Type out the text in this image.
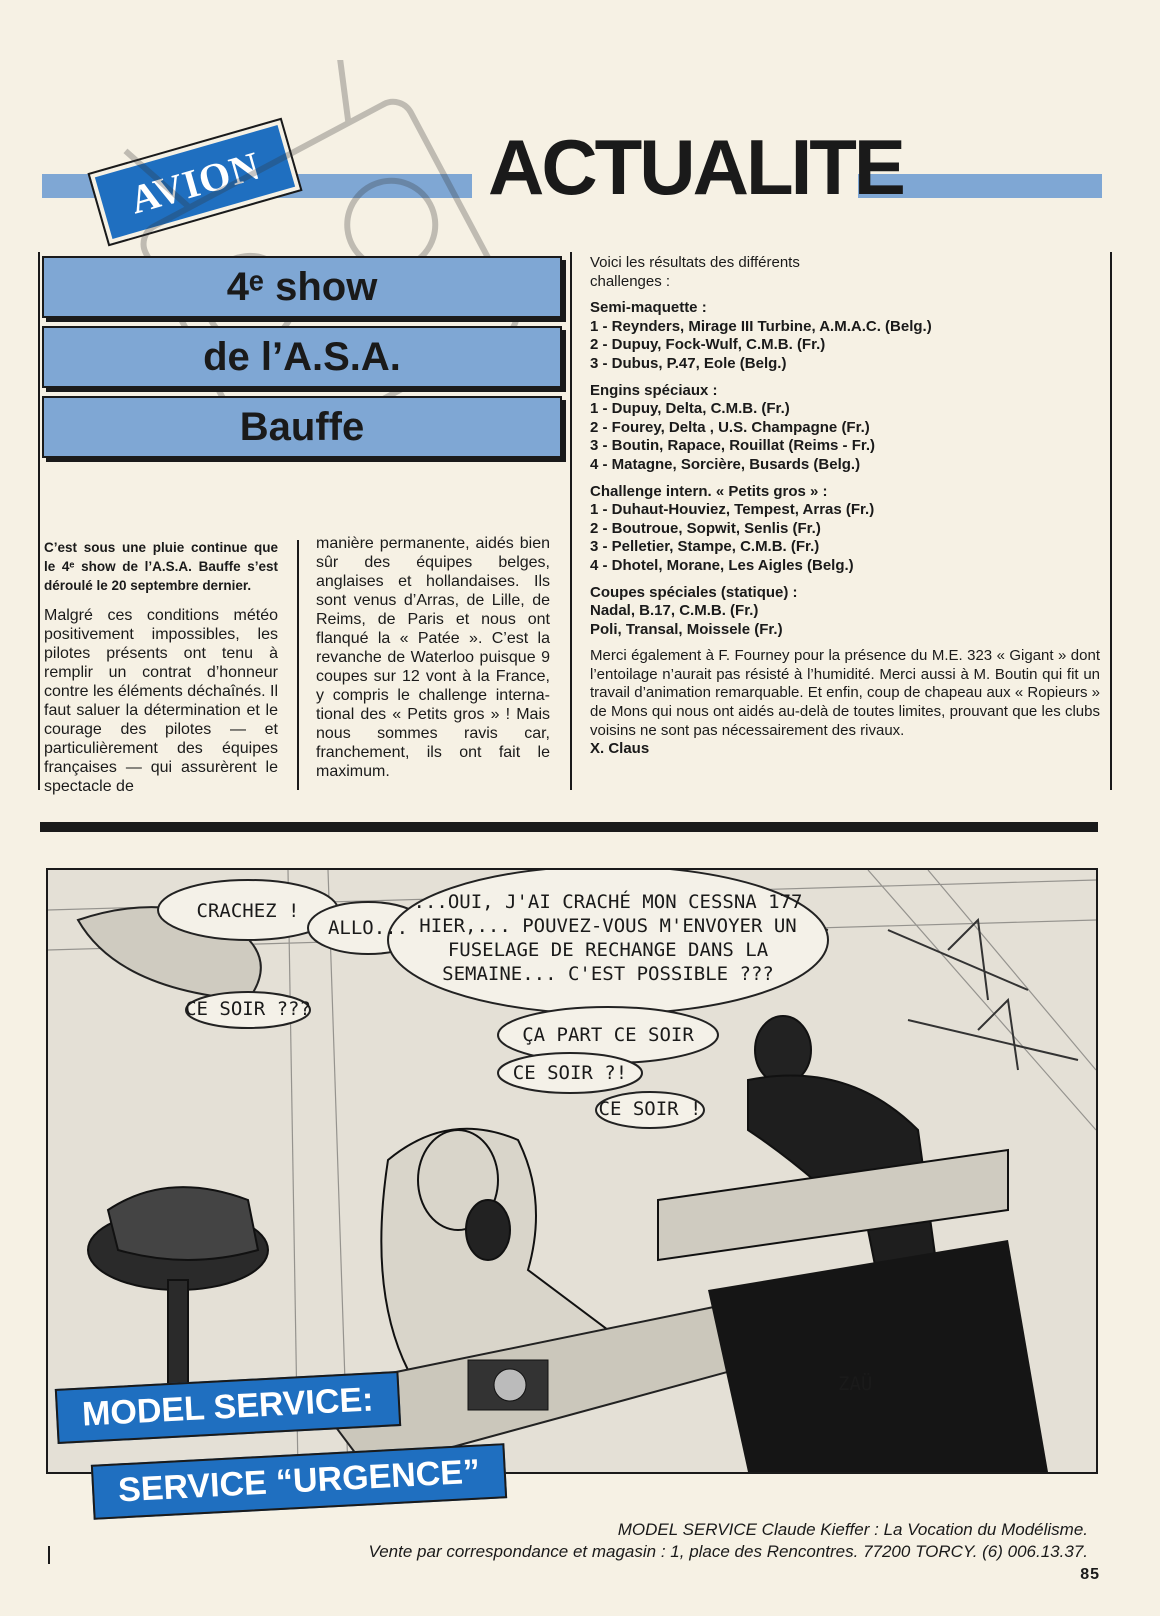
AVION	ACTUALITE
4ᵉ show
de l’A.S.A.
Bauffe
C’est sous une pluie continue que le 4ᵉ show de l’A.S.A. Bauffe s’est déroulé le 20 septembre dernier.
Malgré ces conditions météo positivement impossibles, les pilotes présents ont tenu à remplir un contrat d’honneur contre les éléments déchaînés. Il faut saluer la détermination et le courage des pilotes — et particulièrement des équipes françaises — qui assurèrent le spectacle de
manière permanente, aidés bien sûr des équipes belges, anglaises et hollandaises. Ils sont venus d’Arras, de Lille, de Reims, de Paris et nous ont flanqué la « Patée ». C’est la revanche de Waterloo puisque 9 coupes sur 12 vont à la France, y compris le challenge international des « Petits gros » ! Mais nous sommes ravis car, franchement, ils ont fait le maximum.
Voici les résultats des différents challenges :
Semi-maquette :
1 - Reynders, Mirage III Turbine, A.M.A.C. (Belg.)
2 - Dupuy, Fock-Wulf, C.M.B. (Fr.)
3 - Dubus, P.47, Eole (Belg.)
Engins spéciaux :
1 - Dupuy, Delta, C.M.B. (Fr.)
2 - Fourey, Delta , U.S. Champagne (Fr.)
3 - Boutin, Rapace, Rouillat (Reims - Fr.)
4 - Matagne, Sorcière, Busards (Belg.)
Challenge intern. « Petits gros » :
1 - Duhaut-Houviez, Tempest, Arras (Fr.)
2 - Boutroue, Sopwit, Senlis (Fr.)
3 - Pelletier, Stampe, C.M.B. (Fr.)
4 - Dhotel, Morane, Les Aigles (Belg.)
Coupes spéciales (statique) :
Nadal, B.17, C.M.B. (Fr.)
Poli, Transal, Moissele (Fr.)
Merci également à F. Fourney pour la présence du M.E. 323 « Gigant » dont l’entoilage n’aurait pas résisté à l’humidité. Merci aussi à M. Boutin qui fit un travail d’animation remarquable. Et enfin, coup de chapeau aux « Ropieurs » de Mons qui nous ont aidés au-delà de toutes limites, prouvant que les clubs voisins ne sont pas nécessairement des rivaux.
X. Claus
CRACHEZ !
ALLO...
...OUI, J'AI CRACHÉ MON CESSNA 177
HIER,... POUVEZ-VOUS M'ENVOYER UN
FUSELAGE DE RECHANGE DANS LA
SEMAINE... C'EST POSSIBLE ???
CE SOIR ???
ÇA PART CE SOIR
CE SOIR ?!
CE SOIR !
ZAÜ
MODEL SERVICE:
SERVICE “URGENCE”
MODEL SERVICE Claude Kieffer : La Vocation du Modélisme.
Vente par correspondance et magasin : 1, place des Rencontres. 77200 TORCY. (6) 006.13.37.
85
